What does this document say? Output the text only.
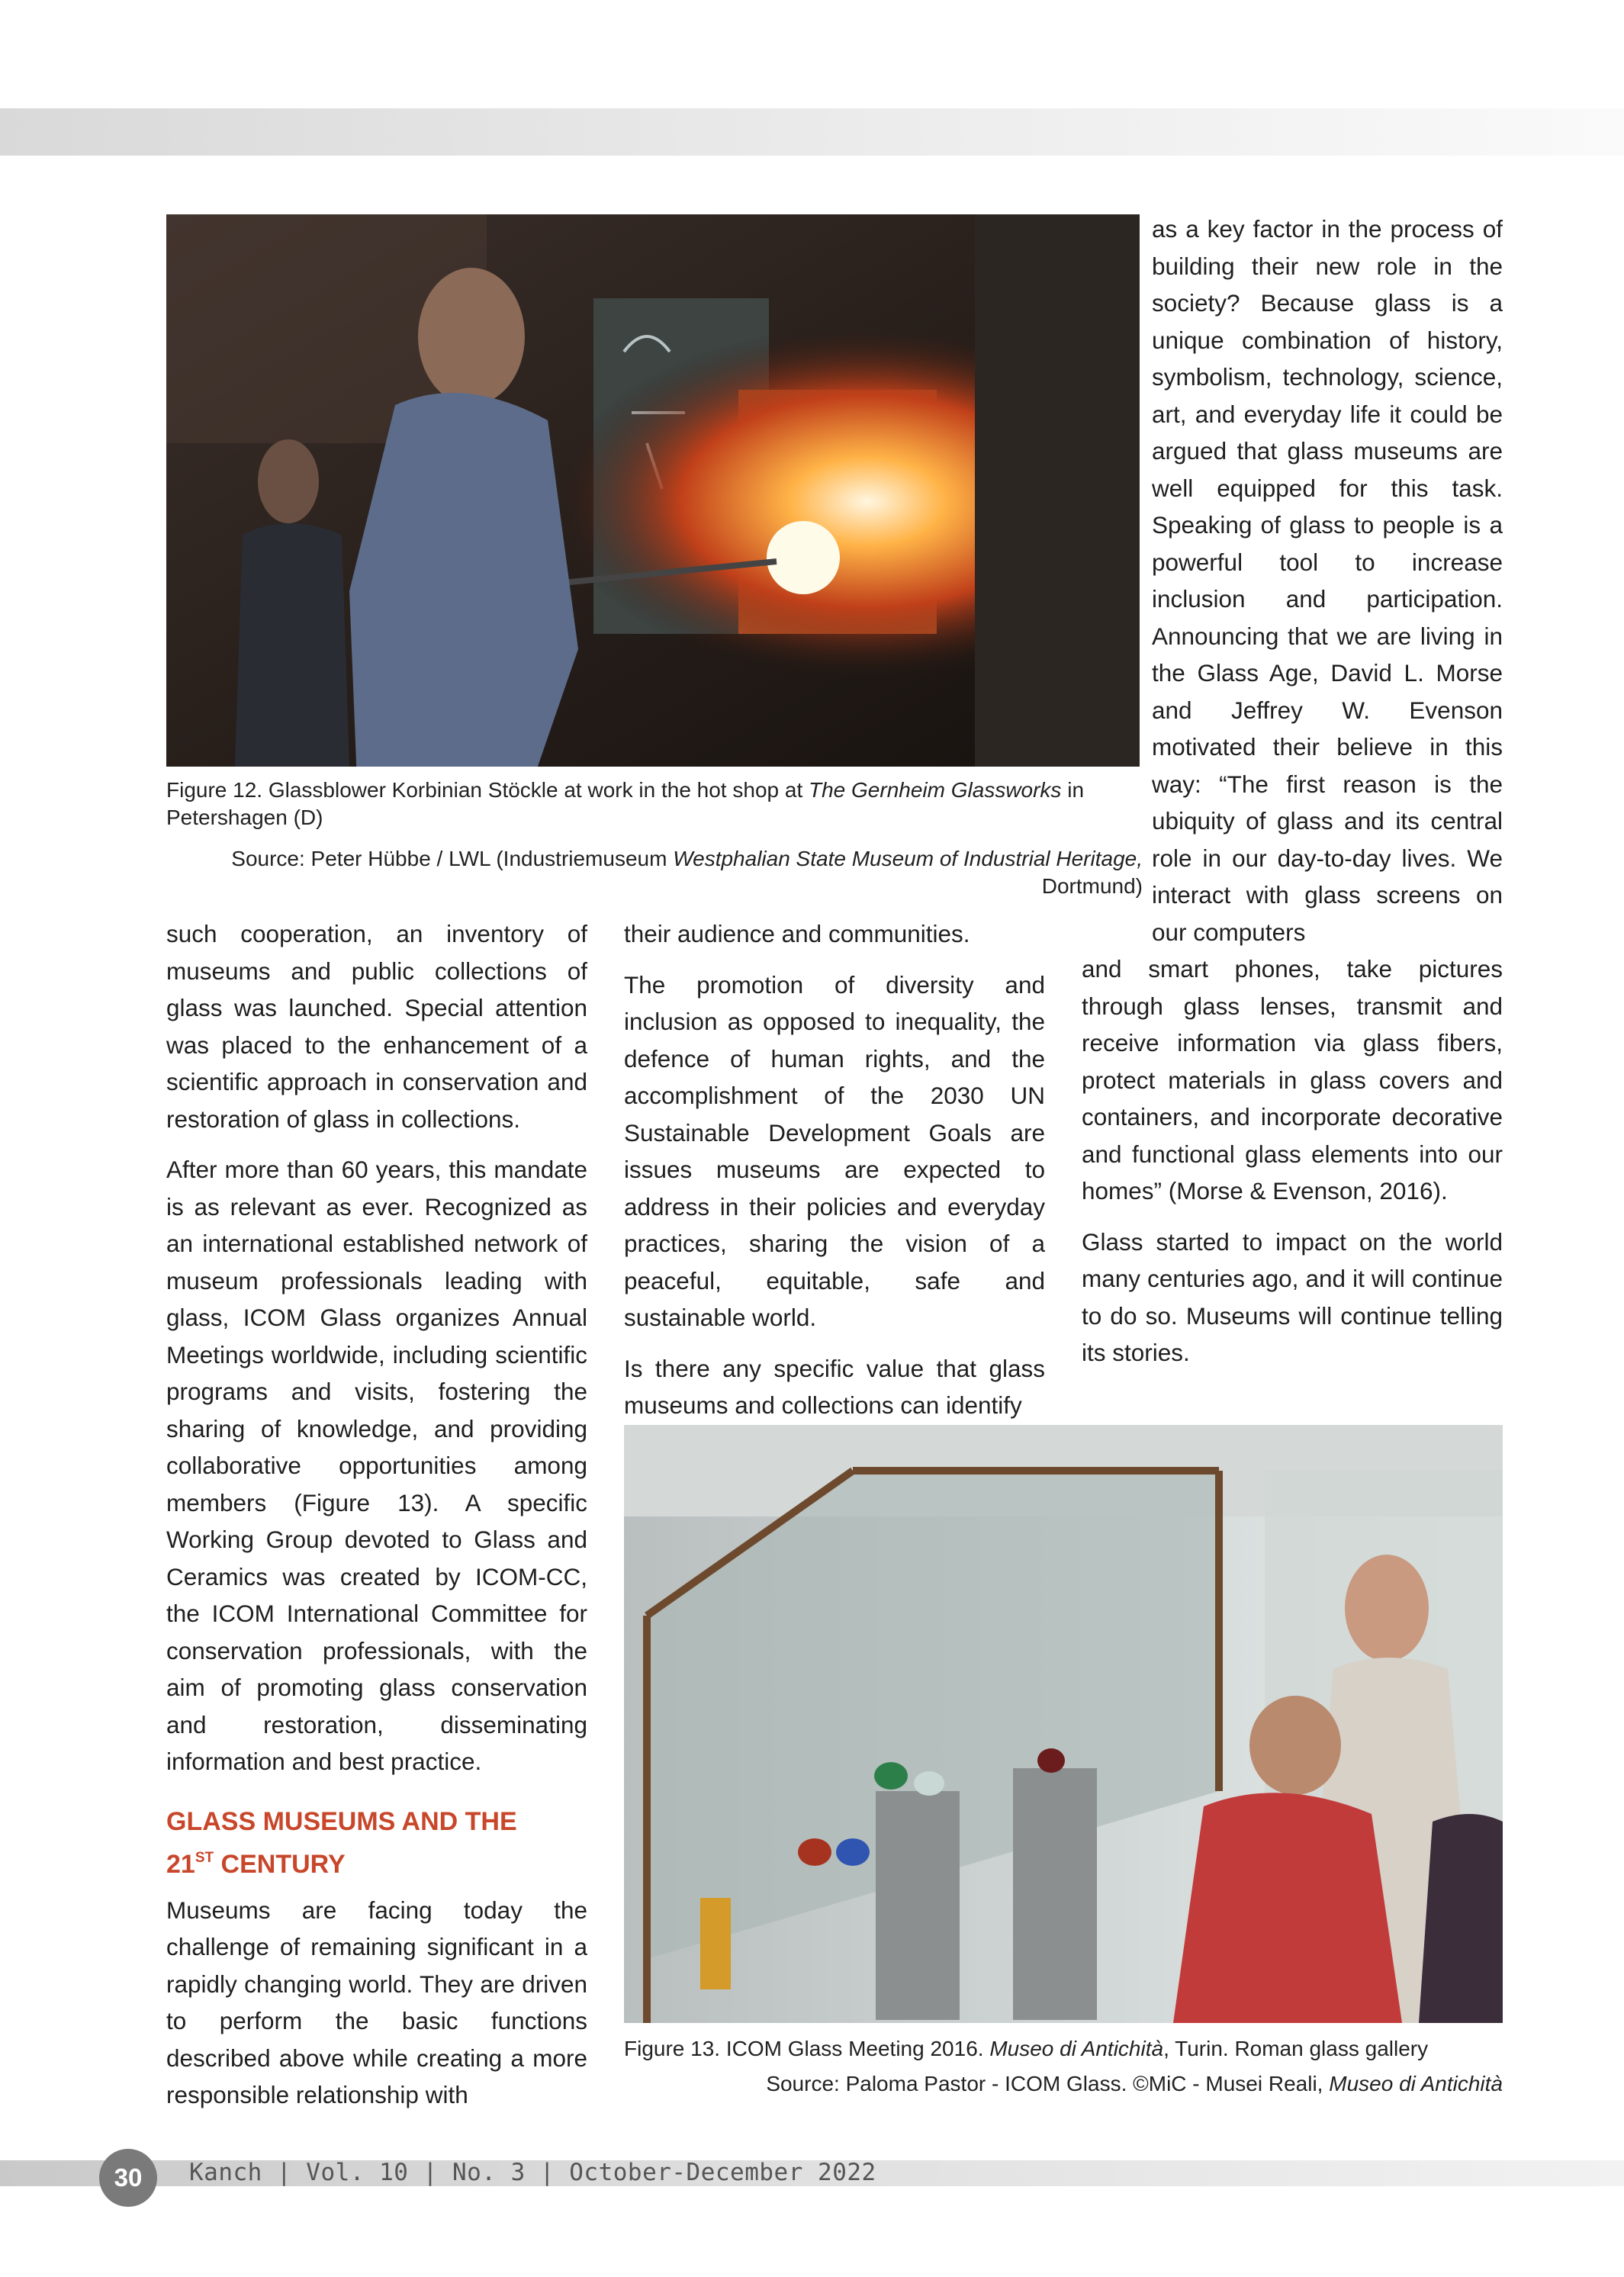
Figure 12. Glassblower Korbinian Stöckle at work in the hot shop at The Gernheim Glassworks in Petershagen (D)
Source: Peter Hübbe / LWL (Industriemuseum Westphalian State Museum of Industrial Heritage,
Dortmund)

as a key factor in the process of building their new role in the society? Because glass is a unique combination of history, symbolism, technology, science, art, and everyday life it could be argued that glass museums are well equipped for this task. Speaking of glass to people is a powerful tool to increase inclusion and participation. Announcing that we are living in the Glass Age, David L. Morse and Jeffrey W. Evenson motivated their believe in this way: “The first reason is the ubiquity of glass and its central role in our day-to-day lives. We interact with glass screens on our computers

and smart phones, take pictures through glass lenses, transmit and receive information via glass fibers, protect materials in glass covers and containers, and incorporate decorative and functional glass elements into our homes” (Morse & Evenson, 2016).

Glass started to impact on the world many centuries ago, and it will continue to do so. Museums will continue telling its stories.

such cooperation, an inventory of museums and public collections of glass was launched. Special attention was placed to the enhancement of a scientific approach in conservation and restoration of glass in collections.

After more than 60 years, this mandate is as relevant as ever. Recognized as an international established network of museum professionals leading with glass, ICOM Glass organizes Annual Meetings worldwide, including scientific programs and visits, fostering the sharing of knowledge, and providing collaborative opportunities among members (Figure 13). A specific Working Group devoted to Glass and Ceramics was created by ICOM-CC, the ICOM International Committee for conservation professionals, with the aim of promoting glass conservation and restoration, disseminating information and best practice.

GLASS MUSEUMS AND THE
21ST CENTURY

Museums are facing today the challenge of remaining significant in a rapidly changing world. They are driven to perform the basic functions described above while creating a more responsible relationship with

their audience and communities.

The promotion of diversity and inclusion as opposed to inequality, the defence of human rights, and the accomplishment of the 2030 UN Sustainable Development Goals are issues museums are expected to address in their policies and everyday practices, sharing the vision of a peaceful, equitable, safe and sustainable world.

Is there any specific value that glass museums and collections can identify

Figure 13. ICOM Glass Meeting 2016. Museo di Antichità, Turin. Roman glass gallery
Source: Paloma Pastor - ICOM Glass. ©MiC - Musei Reali, Museo di Antichità
30	Kanch | Vol. 10 | No. 3 | October-December 2022
